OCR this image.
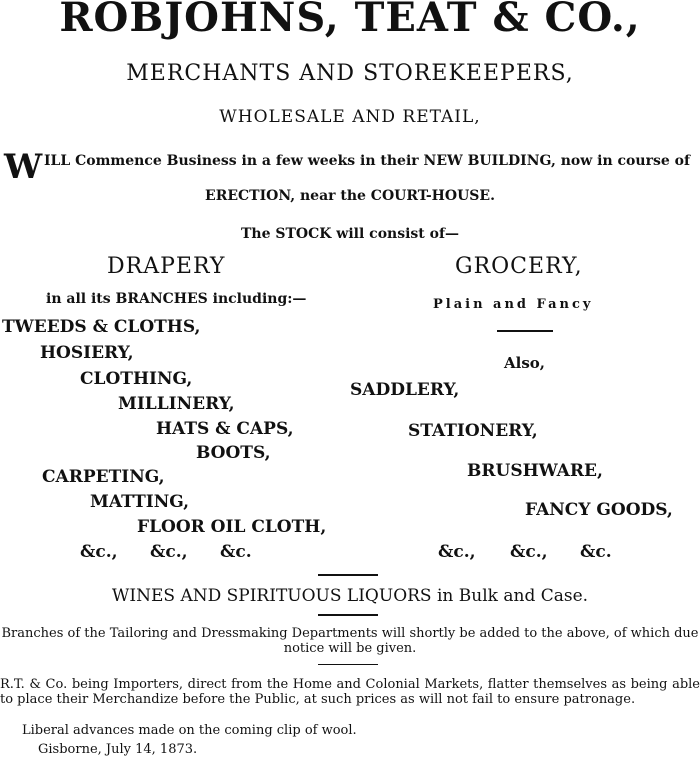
ROBJOHNS, TEAT & CO.,
MERCHANTS AND STOREKEEPERS,
WHOLESALE AND RETAIL,
W ILL Commence Business in a few weeks in their NEW BUILDING, now in course of
ERECTION, near the COURT-HOUSE.
The STOCK will consist of—
DRAPERY
in all its BRANCHES including:—
TWEEDS & CLOTHS,
HOSIERY,
CLOTHING,
MILLINERY,
HATS & CAPS,
BOOTS,
CARPETING,
MATTING,
FLOOR OIL CLOTH,
&c., &c., &c.
GROCERY,
Plain and Fancy
Also,
SADDLERY,
STATIONERY,
BRUSHWARE,
FANCY GOODS,
&c., &c., &c.
WINES AND SPIRITUOUS LIQUORS in Bulk and Case.
Branches of the Tailoring and Dressmaking Departments will shortly be added to the above, of which due notice will be given.
R.T. & Co. being Importers, direct from the Home and Colonial Markets, flatter themselves as being able to place their Merchandize before the Public, at such prices as will not fail to ensure patronage.
Liberal advances made on the coming clip of wool.
Gisborne, July 14, 1873.
